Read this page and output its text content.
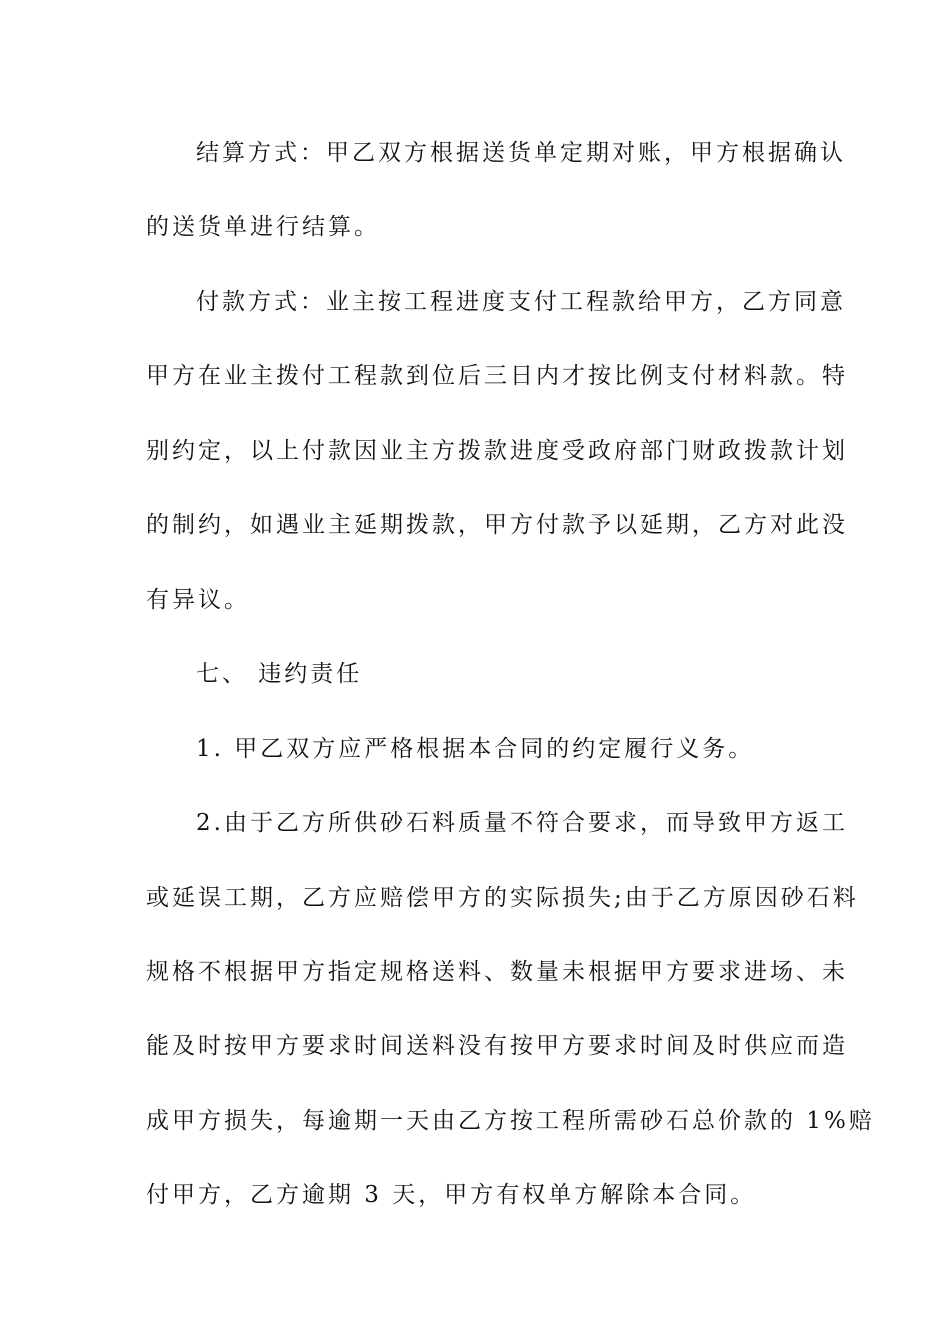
结算方式：甲乙双方根据送货单定期对账，甲方根据确认
的送货单进行结算。
付款方式：业主按工程进度支付工程款给甲方，乙方同意
甲方在业主拨付工程款到位后三日内才按比例支付材料款。特
别约定，以上付款因业主方拨款进度受政府部门财政拨款计划
的制约，如遇业主延期拨款，甲方付款予以延期，乙方对此没
有异议。
七、 违约责任
1. 甲乙双方应严格根据本合同的约定履行义务。
2.由于乙方所供砂石料质量不符合要求，而导致甲方返工
或延误工期，乙方应赔偿甲方的实际损失;由于乙方原因砂石料
规格不根据甲方指定规格送料、数量未根据甲方要求进场、未
能及时按甲方要求时间送料没有按甲方要求时间及时供应而造
成甲方损失，每逾期一天由乙方按工程所需砂石总价款的 1%赔
付甲方，乙方逾期 3 天，甲方有权单方解除本合同。
